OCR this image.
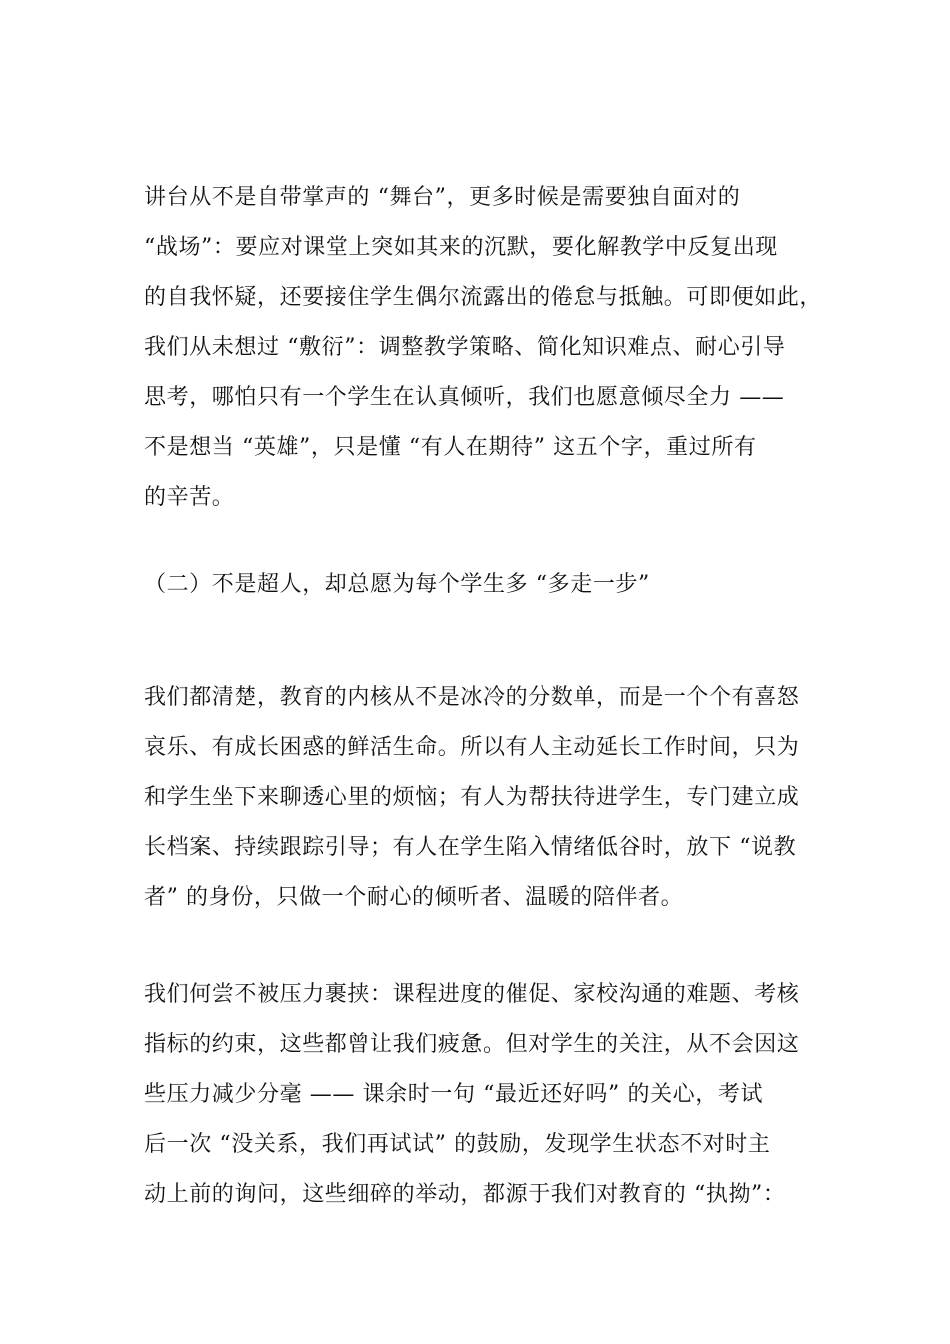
讲台从不是自带掌声的 “舞台”，更多时候是需要独自面对的
“战场”：要应对课堂上突如其来的沉默，要化解教学中反复出现
的自我怀疑，还要接住学生偶尔流露出的倦怠与抵触。可即便如此，
我们从未想过 “敷衍”：调整教学策略、简化知识难点、耐心引导
思考，哪怕只有一个学生在认真倾听，我们也愿意倾尽全力 ——
不是想当 “英雄”，只是懂 “有人在期待” 这五个字，重过所有
的辛苦。
（二）不是超人，却总愿为每个学生多 “多走一步”
我们都清楚，教育的内核从不是冰冷的分数单，而是一个个有喜怒
哀乐、有成长困惑的鲜活生命。所以有人主动延长工作时间，只为
和学生坐下来聊透心里的烦恼；有人为帮扶待进学生，专门建立成
长档案、持续跟踪引导；有人在学生陷入情绪低谷时，放下 “说教
者” 的身份，只做一个耐心的倾听者、温暖的陪伴者。
我们何尝不被压力裹挟：课程进度的催促、家校沟通的难题、考核
指标的约束，这些都曾让我们疲惫。但对学生的关注，从不会因这
些压力减少分毫 —— 课余时一句 “最近还好吗” 的关心，考试
后一次 “没关系，我们再试试” 的鼓励，发现学生状态不对时主
动上前的询问，这些细碎的举动，都源于我们对教育的 “执拗”：
